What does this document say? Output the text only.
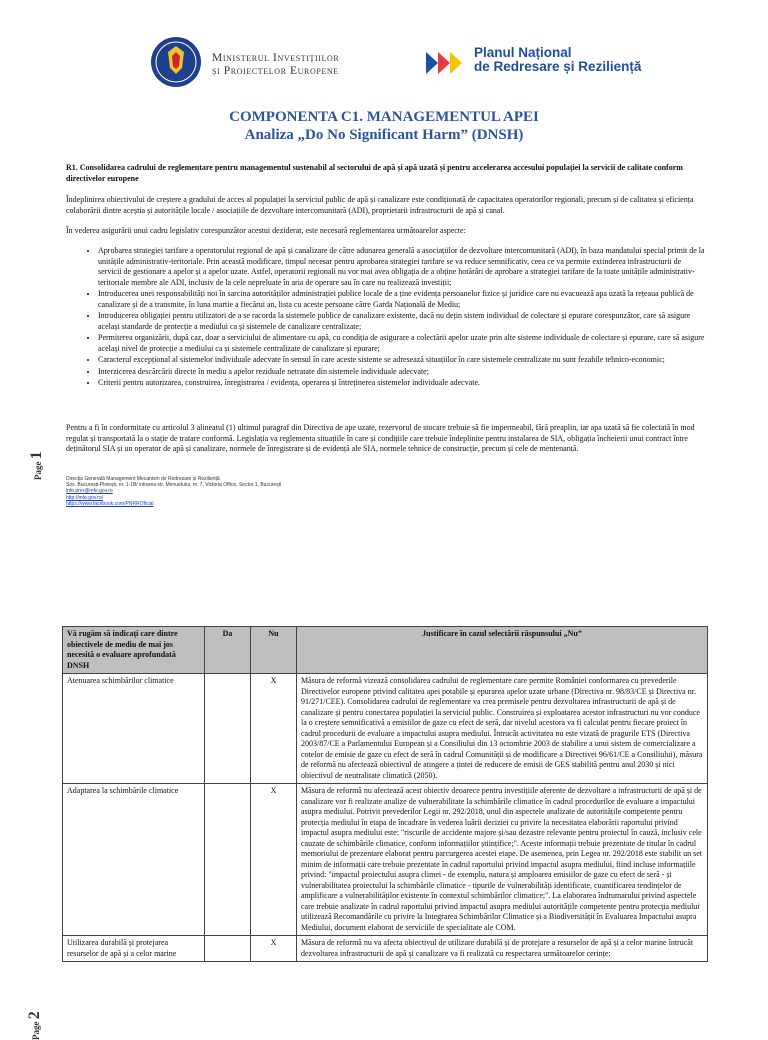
Ministerul Investițiilor
și Proiectelor Europene
Planul Național
de Redresare și Reziliență
COMPONENTA C1. MANAGEMENTUL APEI
Analiza „Do No Significant Harm” (DNSH)
R1. Consolidarea cadrului de reglementare pentru managementul sustenabil al sectorului de apă și apă uzată și pentru accelerarea accesului populației la servicii de calitate conform directivelor europene
Îndeplinirea obiectivului de creștere a gradului de acces al populației la serviciul public de apă și canalizare este condiționată de capacitatea operatorilor regionali, precum și de calitatea și eficiența colaborării dintre aceștia și autoritățile locale / asociațiile de dezvoltare intercomunitară (ADI), proprietarii infrastructurii de apă și canal.
În vederea asigurării unui cadru legislativ corespunzător acestui deziderat, este necesară reglementarea următoarelor aspecte:
• Aprobarea strategiei tarifare a operatorului regional de apă și canalizare de către adunarea generală a asociațiilor de dezvoltare intercomunitară (ADI), în baza mandatului special primit de la unitățile administrativ-teritoriale. Prin această modificare, timpul necesar pentru aprobarea strategiei tarifare se va reduce semnificativ, ceea ce va permite extinderea infrastructurii de servicii de gestionare a apelor și a apelor uzate. Astfel, operatorii regionali nu vor mai avea obligația de a obține hotărâri de aprobare a strategiei tarifare de la toate unitățile administrativ-teritoriale membre ale ADI, inclusiv de la cele nepreluate în aria de operare sau în care nu realizează investiții;
• Introducerea unei responsabilități noi în sarcina autorităților administrației publice locale de a ține evidența persoanelor fizice și juridice care nu evacuează apa uzată la rețeaua publică de canalizare și de a transmite, în luna martie a fiecărui an, lista cu aceste persoane către Garda Națională de Mediu;
• Introducerea obligației pentru utilizatori de a se racorda la sistemele publice de canalizare existente, dacă nu dețin sistem individual de colectare și epurare corespunzător, care să asigure același standarde de protecție a mediului ca și sistemele de canalizare centralizate;
• Permiterea organizării, după caz, doar a serviciului de alimentare cu apă, cu condiția de asigurare a colectării apelor uzate prin alte sisteme individuale de colectare și epurare, care să asigure același nivel de protecție a mediului ca și sistemele centralizate de canalizare și epurare;
• Caracterul excepțional al sistemelor individuale adecvate în sensul în care aceste sisteme se adresează situațiilor în care sistemele centralizate nu sunt fezabile tehnico-economic;
• Interzicerea descărcării directe în mediu a apelor reziduale netratate din sistemele individuale adecvate;
• Criterii pentru autorizarea, construirea, înregistrarea / evidența, operarea și întreținerea sistemelor individuale adecvate.
Pentru a fi în conformitate cu articolul 3 alineatul (1) ultimul paragraf din Directiva de ape uzate, rezervorul de stocare trebuie să fie impermeabil, fără preaplin, iar apa uzată să fie colectată în mod regulat și transportată la o stație de tratare conformă. Legislația va reglementa situațiile în care și condițiile care trebuie îndeplinite pentru instalarea de SIA, obligația încheierii unui contract între deținătorul SIA și un operator de apă și canalizare, normele de înregistrare și de evidență ale SIA, normele tehnice de construcție, precum și cele de mentenanță.
Page 1
Direcția Generală Management Mecanism de Redresare și Reziliență
Sos. București-Ploiești, nr. 1-1B/ intrarea str. Menuetului, nr. 7, Victoria Office, Sector 1, București
info.pnrr@mfe.gov.ro
http://mfe.gov.ro/
https://www.facebook.com/PNRROficial
Vă rugăm să indicați care dintre obiectivele de mediu de mai jos necesită o evaluare aprofundată DNSH	Da	Nu	Justificare în cazul selectării răspunsului „Nu”
Atenuarea schimbărilor climatice		X	Măsura de reformă vizează consolidarea cadrului de reglementare care permite României conformarea cu prevederile Directivelor europene privind calitatea apei potabile și epurarea apelor uzate urbane (Directiva nr. 98/83/CE și Directiva nr. 91/271/CEE). Consolidarea cadrului de reglementare va crea premisele pentru dezvoltarea infrastructurii de apă și de canalizare și pentru conectarea populației la serviciul public. Construirea și exploatarea acestor infrastructuri nu vor conduce la o creștere semnificativă a emisiilor de gaze cu efect de seră, dar nivelul acestora va fi calculat pentru fiecare proiect în cadrul procedurii de evaluare a impactului asupra mediului. Întrucât activitatea nu este vizată de pragurile ETS (Directiva 2003/87/CE a Parlamentului European și a Consiliului din 13 octombrie 2003 de stabilire a unui sistem de comercializare a cotelor de emisie de gaze cu efect de seră în cadrul Comunității și de modificare a Directivei 96/61/CE a Consiliului), măsura de reformă nu afectează obiectivul de atingere a țintei de reducere de emisii de GES stabilită pentru anul 2030 și nici obiectivul de neutralitate climatică (2050).
Adaptarea la schimbările climatice		X	Măsura de reformă nu afectează acest obiectiv deoarece pentru investițiile aferente de dezvoltare a infrastructurii de apă și de canalizare vor fi realizate analize de vulnerabilitate la schimbările climatice în cadrul procedurilor de evaluare a impactului asupra mediului. Potrivit prevederilor Legii nr. 292/2018, unul din aspectele analizate de autoritățile competente pentru protecția mediului în etapa de încadrare în vederea luării deciziei cu privire la necesitatea elaborării raportului privind impactul asupra mediului este: "riscurile de accidente majore și/sau dezastre relevante pentru proiectul în cauză, inclusiv cele cauzate de schimbările climatice, conform informațiilor științifice;". Aceste informații trebuie prezentate de titular în cadrul memoriului de prezentare elaborat pentru parcurgerea acestei etape. De asemenea, prin Legea nr. 292/2018 este stabilit un set minim de informații care trebuie prezentate în cadrul raportului privind impactul asupra mediului, fiind incluse informațiile privind: "impactul proiectului asupra climei - de exemplu, natura și amploarea emisiilor de gaze cu efect de seră - și vulnerabilitatea proiectului la schimbările climatice - tipurile de vulnerabilități identificate, cuantificarea tendințelor de amplificare a vulnerabilităților existente în contextul schimbărilor climatice;". La elaborarea îndrumarului privind aspectele care trebuie analizate în cadrul raportului privind impactul asupra mediului autoritățile competente pentru protecția mediului utilizează Recomandările cu privire la Integrarea Schimbărilor Climatice și a Biodiversității în Evaluarea Impactului asupra Mediului, document elaborat de serviciile de specialitate ale COM.
Utilizarea durabilă și protejarea resurselor de apă și a celor marine		X	Măsura de reformă nu va afecta obiectivul de utilizare durabilă și de protejare a resurselor de apă și a celor marine întrucât dezvoltarea infrastructurii de apă și canalizare va fi realizată cu respectarea următoarelor cerințe:
Page 2
